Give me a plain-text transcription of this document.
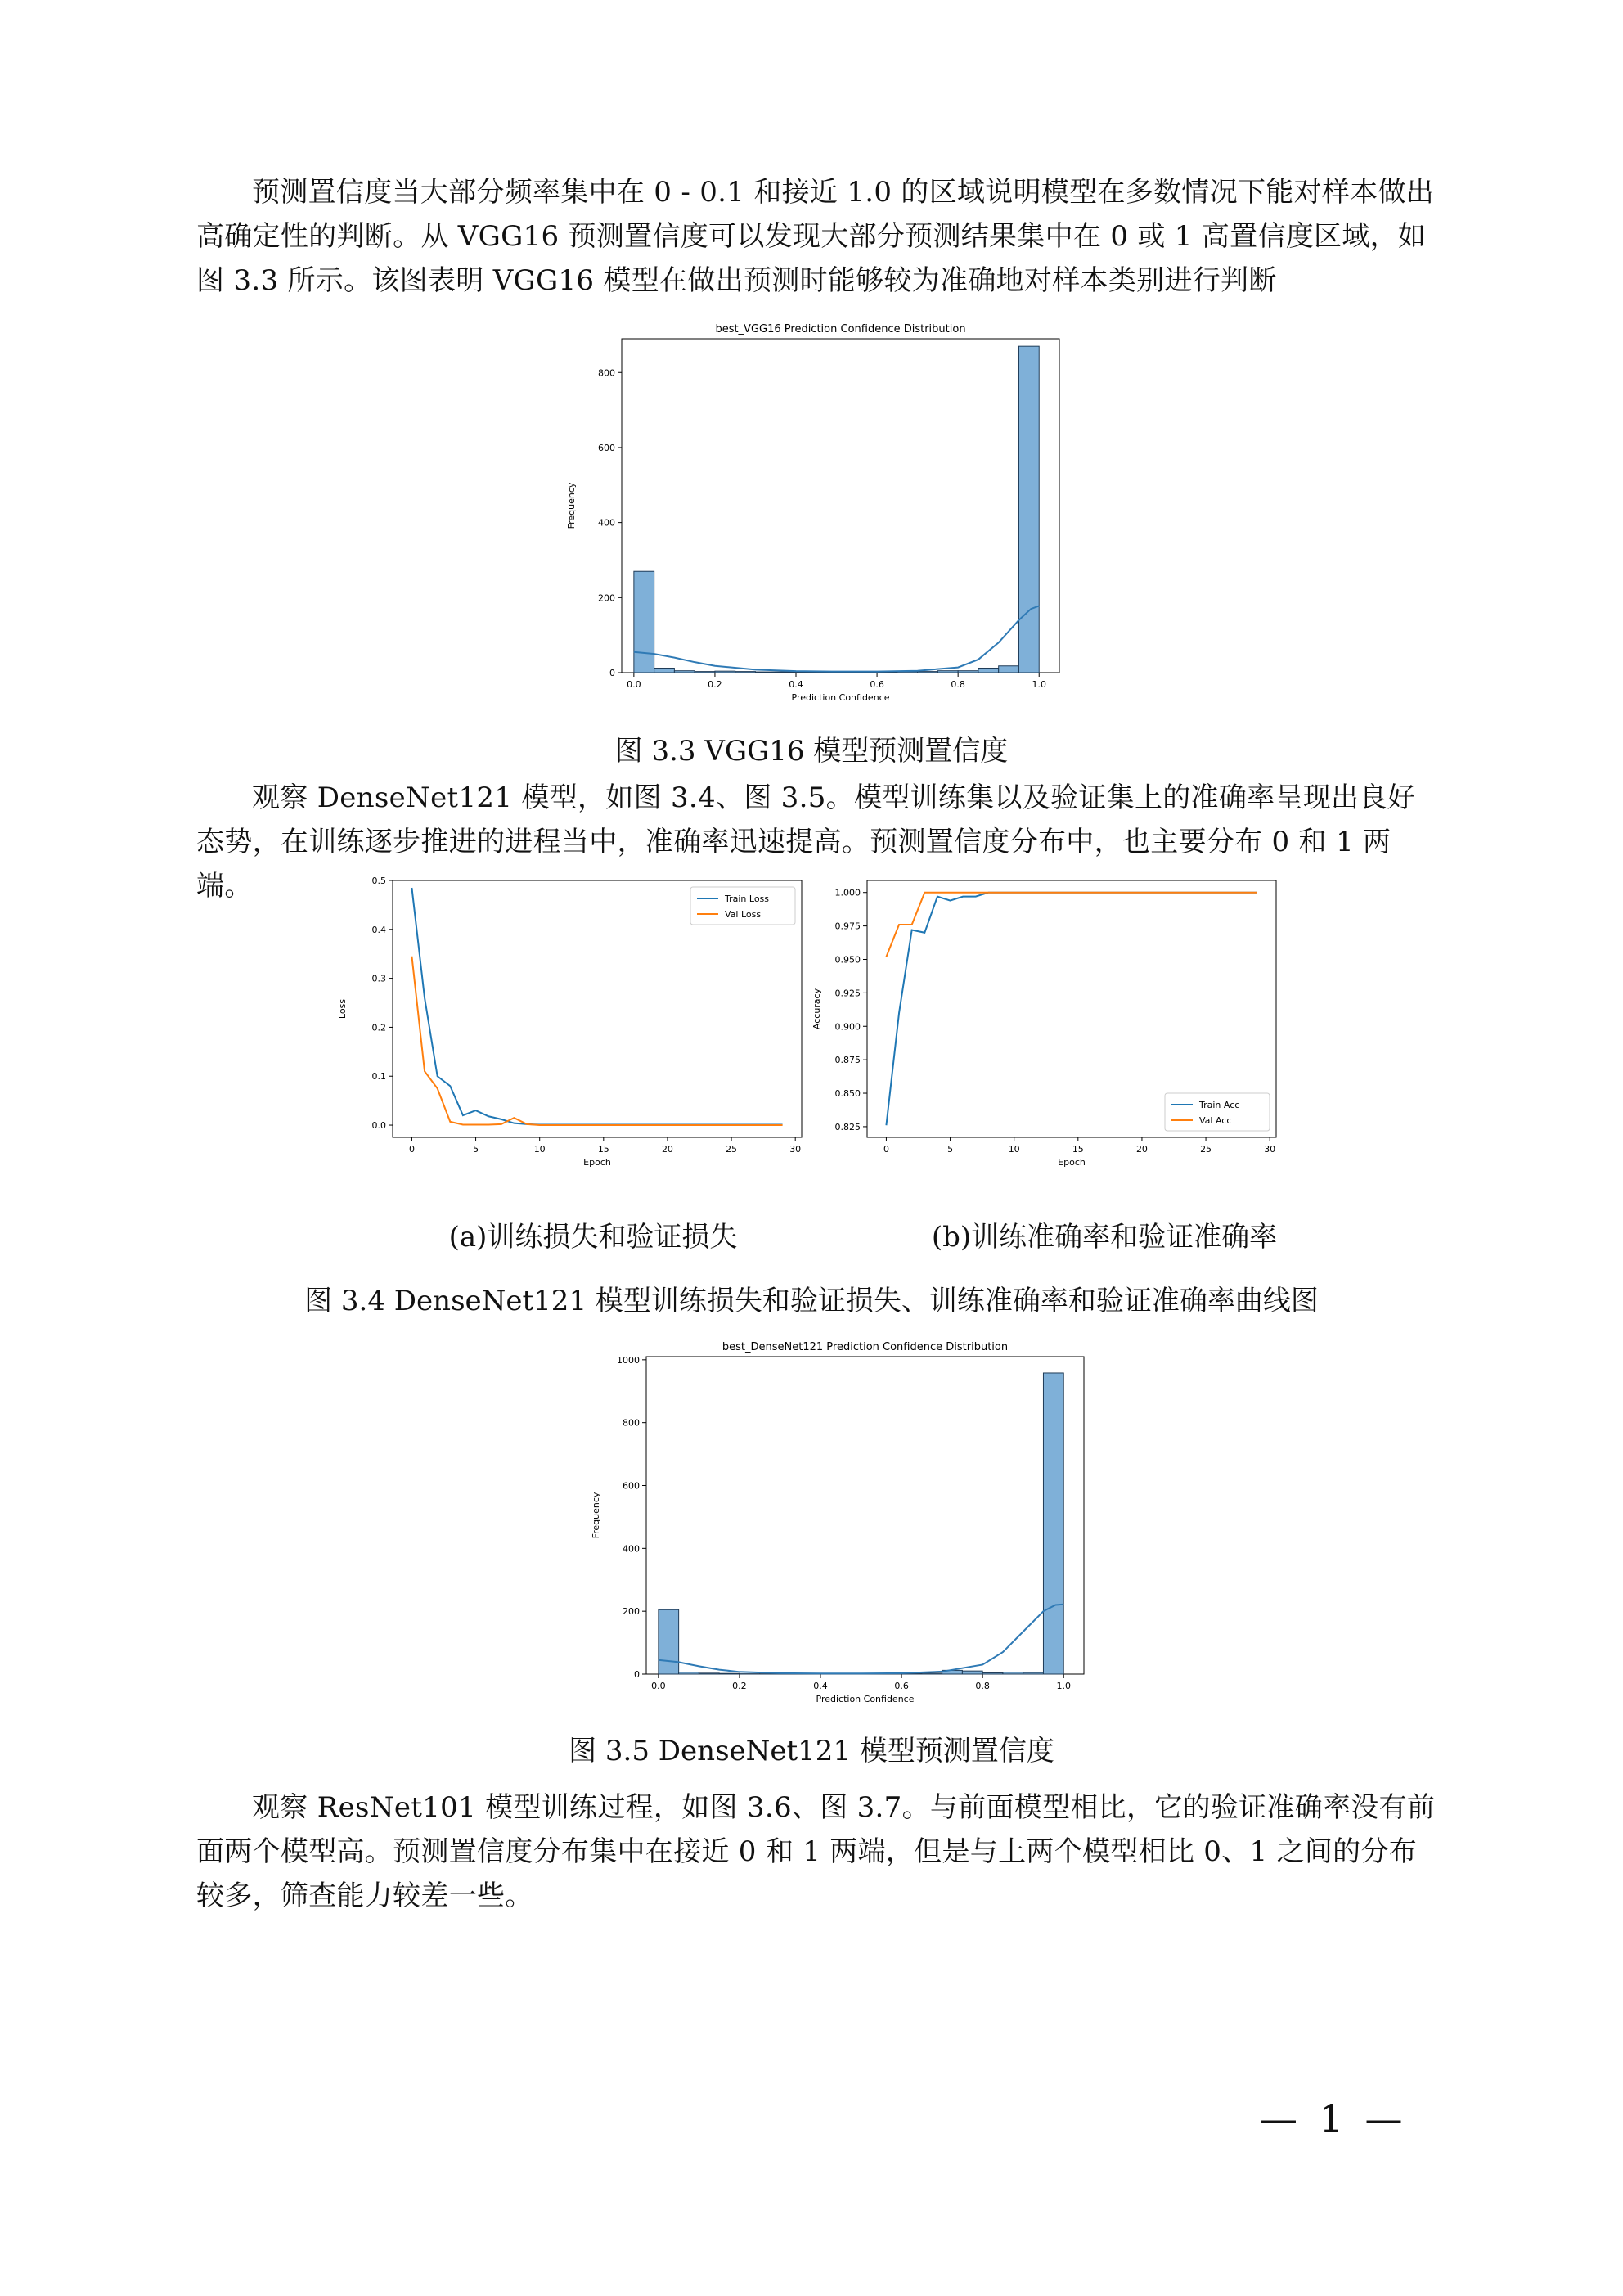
预测置信度当大部分频率集中在 0 - 0.1 和接近 1.0 的区域说明模型在多数情况下能对样本做出高确定性的判断。从 VGG16 预测置信度可以发现大部分预测结果集中在 0 或 1 高置信度区域，如图 3.3 所示。该图表明 VGG16 模型在做出预测时能够较为准确地对样本类别进行判断

0.0	0.2	0.4	0.6	0.8	1.0
0
200
400
600
800
Prediction Confidence
Frequency
best_VGG16 Prediction Confidence Distribution

图 3.3 VGG16 模型预测置信度

观察 DenseNet121 模型，如图 3.4、图 3.5。模型训练集以及验证集上的准确率呈现出良好态势，在训练逐步推进的进程当中，准确率迅速提高。预测置信度分布中，也主要分布 0 和 1 两端。

0	5	10	15	20	25	30
0.0
0.1
0.2
0.3
0.4
0.5
Epoch
Loss
Train Loss
Val Loss
0	5	10	15	20	25	30
0.825
0.850
0.875
0.900
0.925
0.950
0.975
1.000
Epoch
Accuracy
Train Acc
Val Acc
(a)训练损失和验证损失	(b)训练准确率和验证准确率

图 3.4 DenseNet121 模型训练损失和验证损失、训练准确率和验证准确率曲线图

0.0	0.2	0.4	0.6	0.8	1.0
0
200
400
600
800
1000
Prediction Confidence
Frequency
best_DenseNet121 Prediction Confidence Distribution

图 3.5 DenseNet121 模型预测置信度

观察 ResNet101 模型训练过程，如图 3.6、图 3.7。与前面模型相比，它的验证准确率没有前面两个模型高。预测置信度分布集中在接近 0 和 1 两端，但是与上两个模型相比 0、1 之间的分布较多，筛查能力较差一些。

— 1 —
